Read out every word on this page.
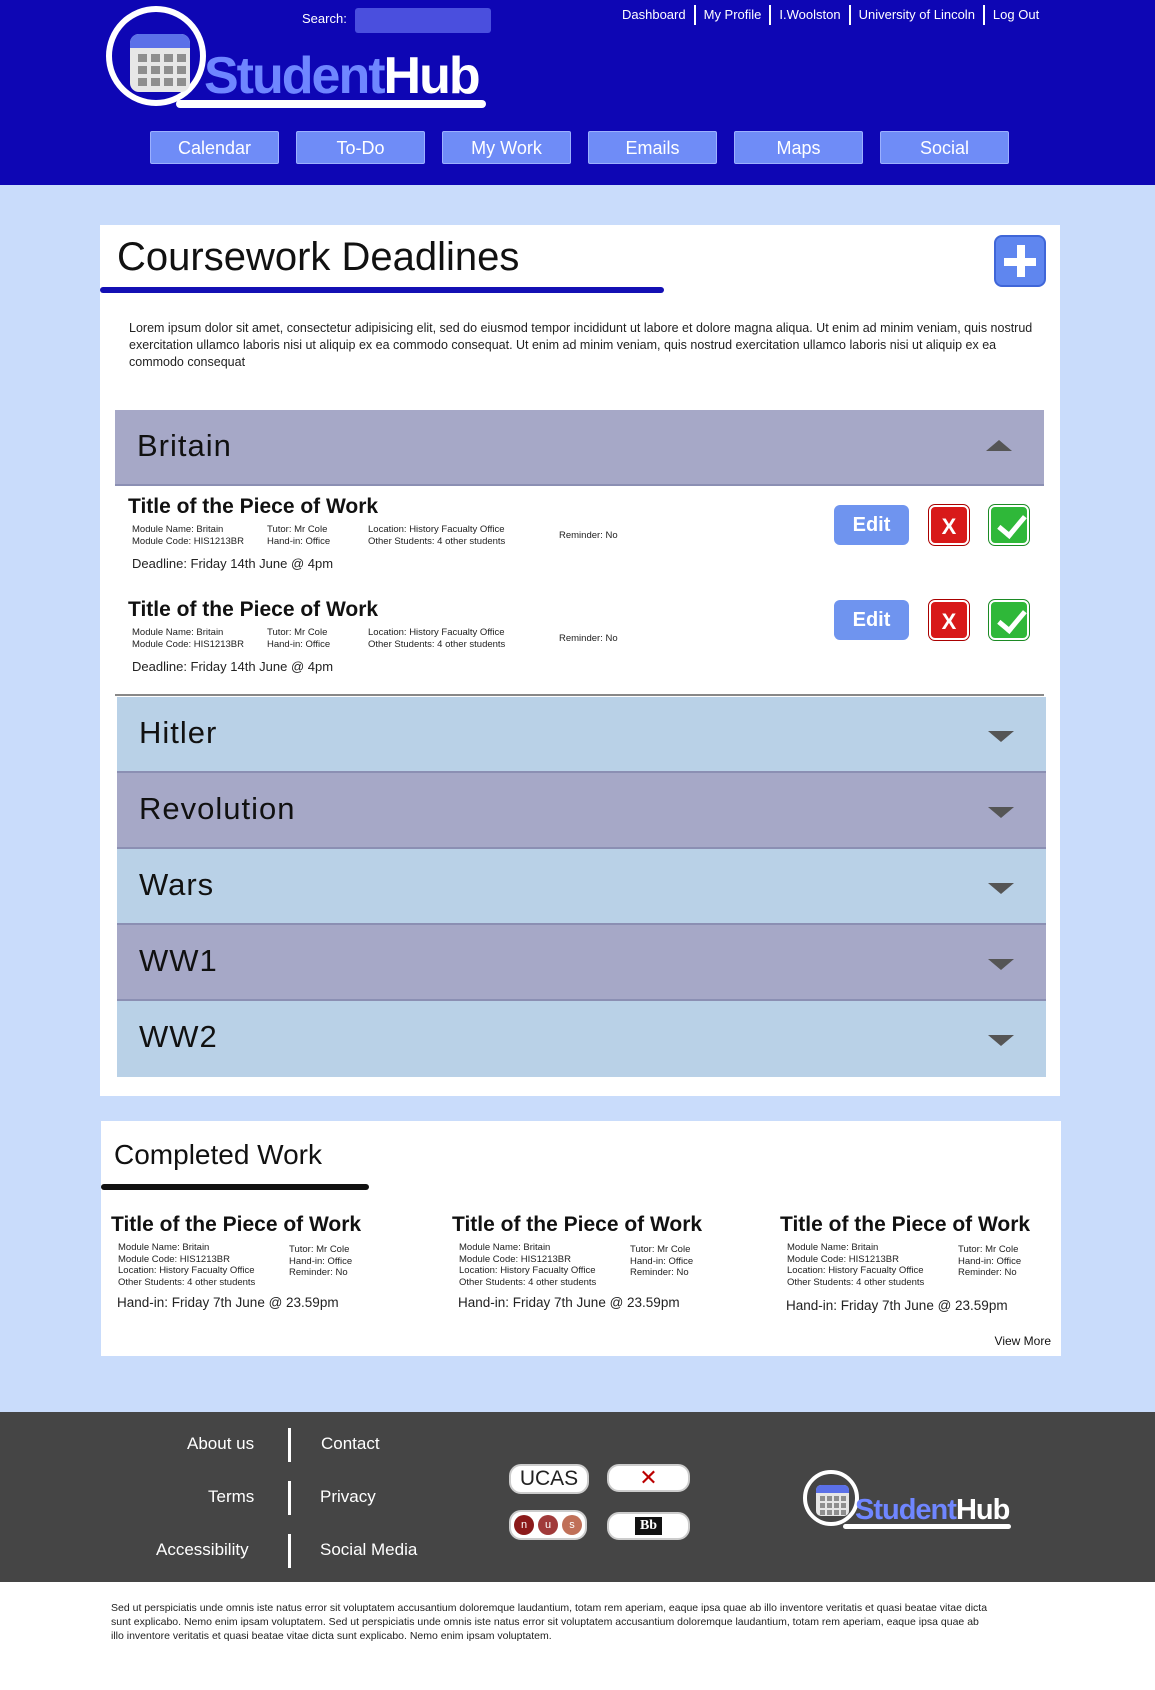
StudentHub
Search:	Dashboard	My Profile	I.Woolston	University of Lincoln	Log Out
Calendar	To-Do	My Work	Emails	Maps	Social
Coursework Deadlines

Lorem ipsum dolor sit amet, consectetur adipisicing elit, sed do eiusmod tempor incididunt ut labore et dolore magna aliqua. Ut enim ad minim veniam, quis nostrud exercitation ullamco laboris nisi ut aliquip ex ea commodo consequat. Ut enim ad minim veniam, quis nostrud exercitation ullamco laboris nisi ut aliquip ex ea commodo consequat

Britain
Title of the Piece of Work
Module Name: Britain
Module Code: HIS1213BR
Tutor: Mr Cole
Hand-in: Office
Location: History Facualty Office
Other Students: 4 other students
Reminder: No
Deadline: Friday 14th June @ 4pm
Edit	X
Title of the Piece of Work
Module Name: Britain
Module Code: HIS1213BR
Tutor: Mr Cole
Hand-in: Office
Location: History Facualty Office
Other Students: 4 other students
Reminder: No
Deadline: Friday 14th June @ 4pm
Edit	X
Hitler
Revolution
Wars
WW1
WW2
Completed Work
Title of the Piece of Work
Module Name: Britain
Module Code: HIS1213BR
Location: History Facualty Office
Other Students: 4 other students
Tutor: Mr Cole
Hand-in: Office
Reminder: No
Hand-in: Friday 7th June @ 23.59pm
Title of the Piece of Work
Module Name: Britain
Module Code: HIS1213BR
Location: History Facualty Office
Other Students: 4 other students
Tutor: Mr Cole
Hand-in: Office
Reminder: No
Hand-in: Friday 7th June @ 23.59pm
Title of the Piece of Work
Module Name: Britain
Module Code: HIS1213BR
Location: History Facualty Office
Other Students: 4 other students
Tutor: Mr Cole
Hand-in: Office
Reminder: No
Hand-in: Friday 7th June @ 23.59pm
View More
About us
Terms
Accessibility
Contact
Privacy
Social Media
UCAS	✕
n	u	s	Bb	StudentHub

Sed ut perspiciatis unde omnis iste natus error sit voluptatem accusantium doloremque laudantium, totam rem aperiam, eaque ipsa quae ab illo inventore veritatis et quasi beatae vitae dicta sunt explicabo. Nemo enim ipsam voluptatem. Sed ut perspiciatis unde omnis iste natus error sit voluptatem accusantium doloremque laudantium, totam rem aperiam, eaque ipsa quae ab illo inventore veritatis et quasi beatae vitae dicta sunt explicabo. Nemo enim ipsam voluptatem.
